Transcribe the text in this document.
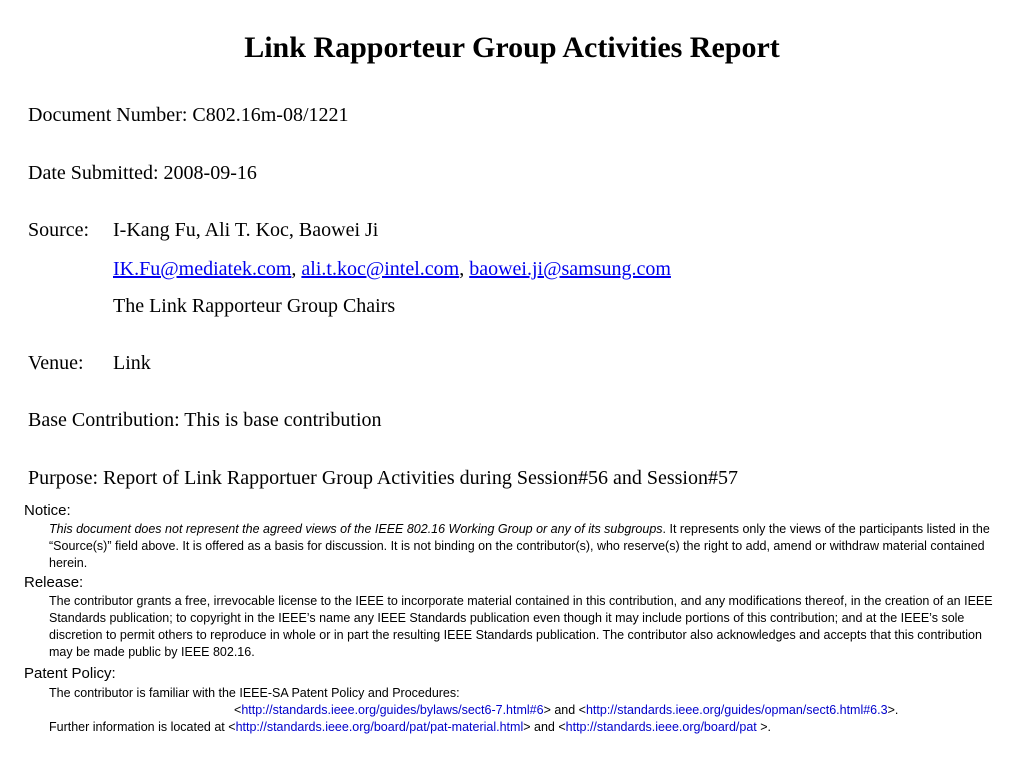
Link Rapporteur Group Activities Report
Document Number: C802.16m-08/1221
Date Submitted: 2008-09-16
Source: I-Kang Fu, Ali T. Koc, Baowei Ji
IK.Fu@mediatek.com, ali.t.koc@intel.com, baowei.ji@samsung.com
The Link Rapporteur Group Chairs
Venue: Link
Base Contribution: This is base contribution
Purpose: Report of Link Rapportuer Group Activities during Session#56 and Session#57
Notice:
This document does not represent the agreed views of the IEEE 802.16 Working Group or any of its subgroups. It represents only the views of the participants listed in the “Source(s)” field above. It is offered as a basis for discussion. It is not binding on the contributor(s), who reserve(s) the right to add, amend or withdraw material contained herein.
Release:
The contributor grants a free, irrevocable license to the IEEE to incorporate material contained in this contribution, and any modifications thereof, in the creation of an IEEE Standards publication; to copyright in the IEEE’s name any IEEE Standards publication even though it may include portions of this contribution; and at the IEEE’s sole discretion to permit others to reproduce in whole or in part the resulting IEEE Standards publication. The contributor also acknowledges and accepts that this contribution may be made public by IEEE 802.16.
Patent Policy:
The contributor is familiar with the IEEE-SA Patent Policy and Procedures:
<http://standards.ieee.org/guides/bylaws/sect6-7.html#6> and <http://standards.ieee.org/guides/opman/sect6.html#6.3>.
Further information is located at <http://standards.ieee.org/board/pat/pat-material.html> and <http://standards.ieee.org/board/pat >.
